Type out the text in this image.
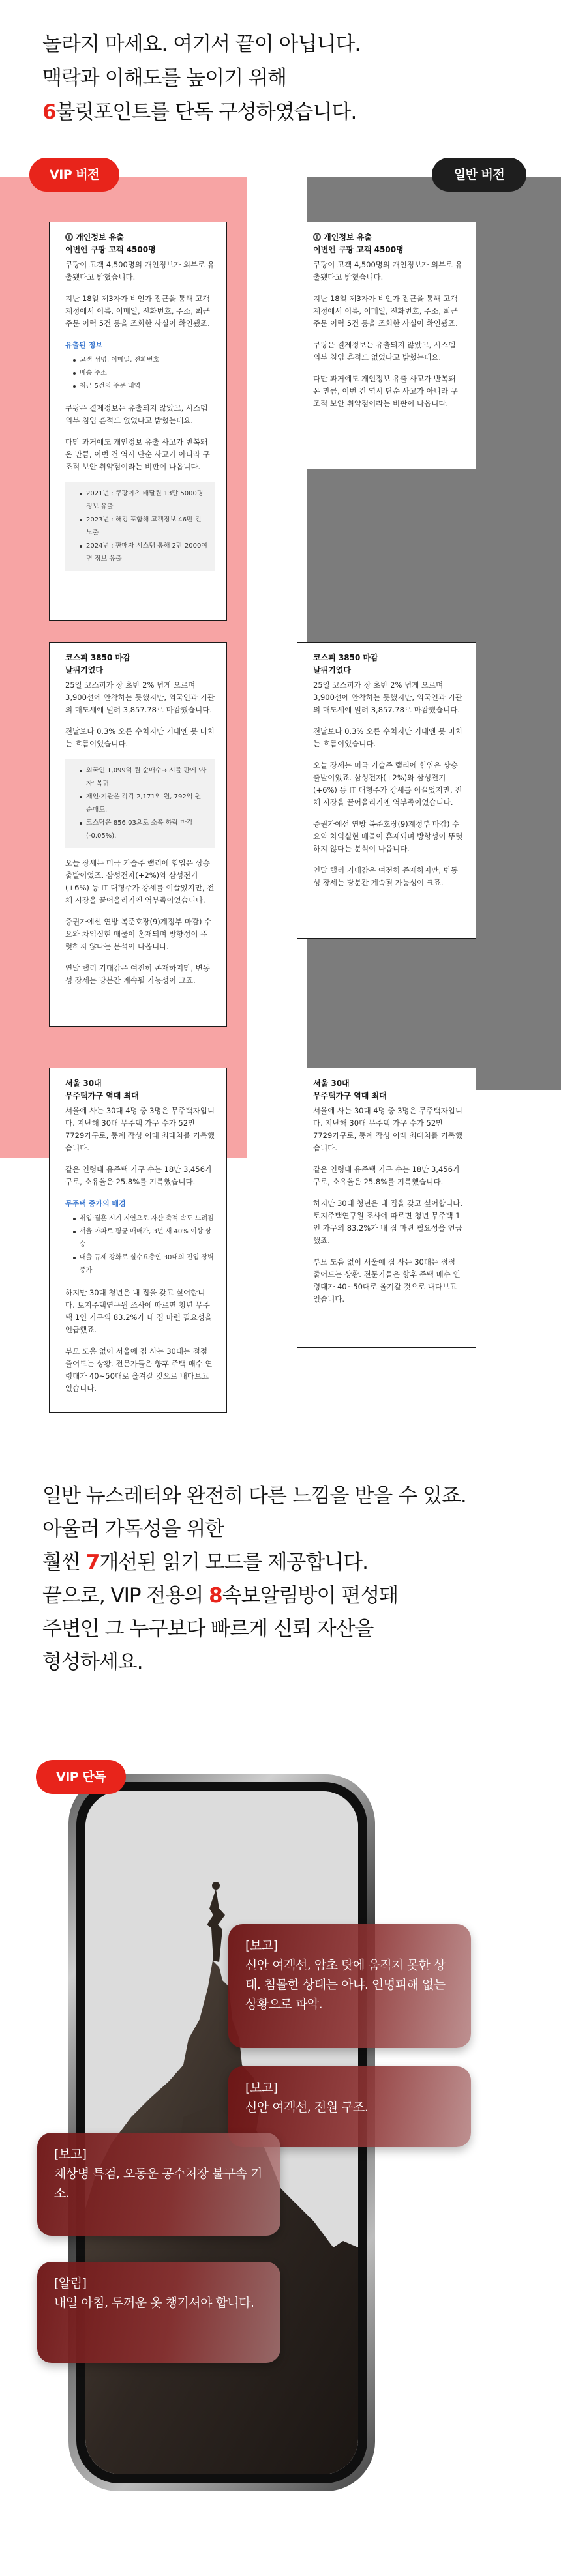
놀라지 마세요. 여기서 끝이 아닙니다.
맥락과 이해도를 높이기 위해
6불릿포인트를 단독 구성하였습니다.
VIP 버전	일반 버전
⓵ 개인정보 유출
이번엔 쿠팡 고객 4500명

쿠팡이 고객 4,500명의 개인정보가 외부로 유출됐다고 밝혔습니다.

지난 18일 제3자가 비인가 접근을 통해 고객 계정에서 이름, 이메일, 전화번호, 주소, 최근 주문 이력 5건 등을 조회한 사실이 확인됐죠.

유출된 정보
고객 성명, 이메일, 전화번호
배송 주소
최근 5건의 주문 내역

쿠팡은 결제정보는 유출되지 않았고, 시스템 외부 침입 흔적도 없었다고 밝혔는데요.

다만 과거에도 개인정보 유출 사고가 반복돼 온 만큼, 이번 건 역시 단순 사고가 아니라 구조적 보안 취약점이라는 비판이 나옵니다.

2021년 : 쿠팡이츠 배달원 13만 5000명 정보 유출
2023년 : 해킹 포함해 고객정보 46만 건 노출
2024년 : 판매자 시스템 통해 2만 2000여 명 정보 유출
코스피 3850 마감
날뛰기였다

25일 코스피가 장 초반 2% 넘게 오르며 3,900선에 안착하는 듯했지만, 외국인과 기관의 매도세에 밀려 3,857.78로 마감했습니다.

전날보다 0.3% 오른 수치지만 기대엔 못 미치는 흐름이었습니다.

외국인 1,099억 원 순매수→ 시를 판에 '사자' 복귀.
개인·기관은 각각 2,171억 원, 792억 원 순매도.
코스닥은 856.03으로 소폭 하락 마감(-0.05%).

오늘 장세는 미국 기술주 랠리에 힘입은 상승 출발이었죠. 삼성전자(+2%)와 삼성전기(+6%) 등 IT 대형주가 강세를 이끌었지만, 전체 시장을 끌어올리기엔 역부족이었습니다.

증권가에선 연방 복준호장(9)계정부 마감) 수요와 차익실현 매물이 혼재되며 방향성이 뚜렷하지 않다는 분석이 나옵니다.

연말 랠리 기대감은 여전히 존재하지만, 변동성 장세는 당분간 계속될 가능성이 크죠.

서울 30대
무주택가구 역대 최대

서울에 사는 30대 4명 중 3명은 무주택자입니다. 지난해 30대 무주택 가구 수가 52만 7729가구로, 통계 작성 이래 최대치를 기록했습니다.

같은 연령대 유주택 가구 수는 18만 3,456가구로, 소유율은 25.8%를 기록했습니다.

무주택 증가의 배경
취업·결혼 시기 지연으로 자산 축적 속도 느려짐
서울 아파트 평균 매매가, 3년 새 40% 이상 상승
대출 규제 강화로 실수요층인 30대의 진입 장벽 증가

하지만 30대 청년은 내 집을 갖고 싶어합니다. 토지주택연구원 조사에 따르면 청년 무주택 1인 가구의 83.2%가 내 집 마련 필요성을 언급했죠.

부모 도움 없이 서울에 집 사는 30대는 점점 줄어드는 상황. 전문가들은 향후 주택 매수 연령대가 40~50대로 올겨갈 것으로 내다보고 있습니다.

⓵ 개인정보 유출
이번엔 쿠팡 고객 4500명

쿠팡이 고객 4,500명의 개인정보가 외부로 유출됐다고 밝혔습니다.

지난 18일 제3자가 비인가 접근을 통해 고객 계정에서 이름, 이메일, 전화번호, 주소, 최근 주문 이력 5건 등을 조회한 사실이 확인됐죠.

쿠팡은 결제정보는 유출되지 않았고, 시스템 외부 침입 흔적도 없었다고 밝혔는데요.

다만 과거에도 개인정보 유출 사고가 반복돼 온 만큼, 이번 건 역시 단순 사고가 아니라 구조적 보안 취약점이라는 비판이 나옵니다.

코스피 3850 마감
날뛰기였다

25일 코스피가 장 초반 2% 넘게 오르며 3,900선에 안착하는 듯했지만, 외국인과 기관의 매도세에 밀려 3,857.78로 마감했습니다.

전날보다 0.3% 오른 수치지만 기대엔 못 미치는 흐름이었습니다.

오늘 장세는 미국 기술주 랠리에 힘입은 상승 출발이었죠. 삼성전자(+2%)와 삼성전기(+6%) 등 IT 대형주가 강세를 이끌었지만, 전체 시장을 끌어올리기엔 역부족이었습니다.

증권가에선 연방 복준호장(9)계정부 마감) 수요와 차익실현 매물이 혼재되며 방향성이 뚜렷하지 않다는 분석이 나옵니다.

연말 랠리 기대감은 여전히 존재하지만, 변동성 장세는 당분간 계속될 가능성이 크죠.

서울 30대
무주택가구 역대 최대

서울에 사는 30대 4명 중 3명은 무주택자입니다. 지난해 30대 무주택 가구 수가 52만 7729가구로, 통계 작성 이래 최대치를 기록했습니다.

같은 연령대 유주택 가구 수는 18만 3,456가구로, 소유율은 25.8%를 기록했습니다.

하지만 30대 청년은 내 집을 갖고 싶어합니다. 토지주택연구원 조사에 따르면 청년 무주택 1인 가구의 83.2%가 내 집 마련 필요성을 언급했죠.

부모 도움 없이 서울에 집 사는 30대는 점점 줄어드는 상황. 전문가들은 향후 주택 매수 연령대가 40~50대로 올겨갈 것으로 내다보고 있습니다.

일반 뉴스레터와 완전히 다른 느낌을 받을 수 있죠.
아울러 가독성을 위한
훨씬 7개선된 읽기 모드를 제공합니다.
끝으로, VIP 전용의 8속보알림방이 편성돼
주변인 그 누구보다 빠르게 신뢰 자산을
형성하세요.
VIP 단독
[보고]
신안 여객선, 암초 탓에 움직지 못한 상태. 침몰한 상태는 아냐. 인명피해 없는 상황으로 파악.
[보고]
신안 여객선, 전원 구조.
[보고]
채상병 특검, 오동운 공수처장 불구속 기소.
[알림]
내일 아침, 두꺼운 옷 챙기셔야 합니다.
